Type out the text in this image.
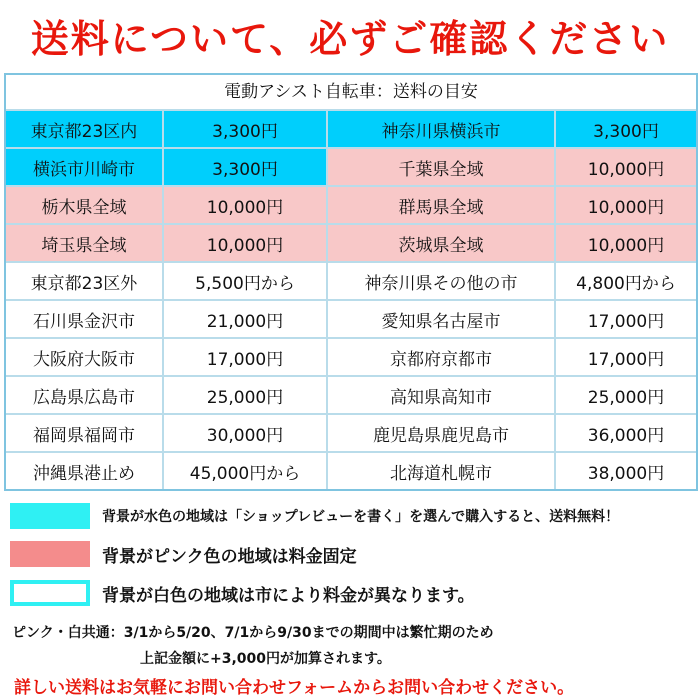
送料について、必ずご確認ください
電動アシスト自転車：送料の目安
東京都23区内	3,300円	神奈川県横浜市	3,300円
横浜市川崎市	3,300円	千葉県全域	10,000円
栃木県全域	10,000円	群馬県全域	10,000円
埼玉県全域	10,000円	茨城県全域	10,000円
東京都23区外	5,500円から	神奈川県その他の市	4,800円から
石川県金沢市	21,000円	愛知県名古屋市	17,000円
大阪府大阪市	17,000円	京都府京都市	17,000円
広島県広島市	25,000円	高知県高知市	25,000円
福岡県福岡市	30,000円	鹿児島県鹿児島市	36,000円
沖縄県港止め	45,000円から	北海道札幌市	38,000円
背景が水色の地域は「ショップレビューを書く」を選んで購入すると、送料無料！
背景がピンク色の地域は料金固定
背景が白色の地域は市により料金が異なります。
ピンク・白共通：3/1から5/20、7/1から9/30までの期間中は繁忙期のため
上記金額に+3,000円が加算されます。
詳しい送料はお気軽にお問い合わせフォームからお問い合わせください。
